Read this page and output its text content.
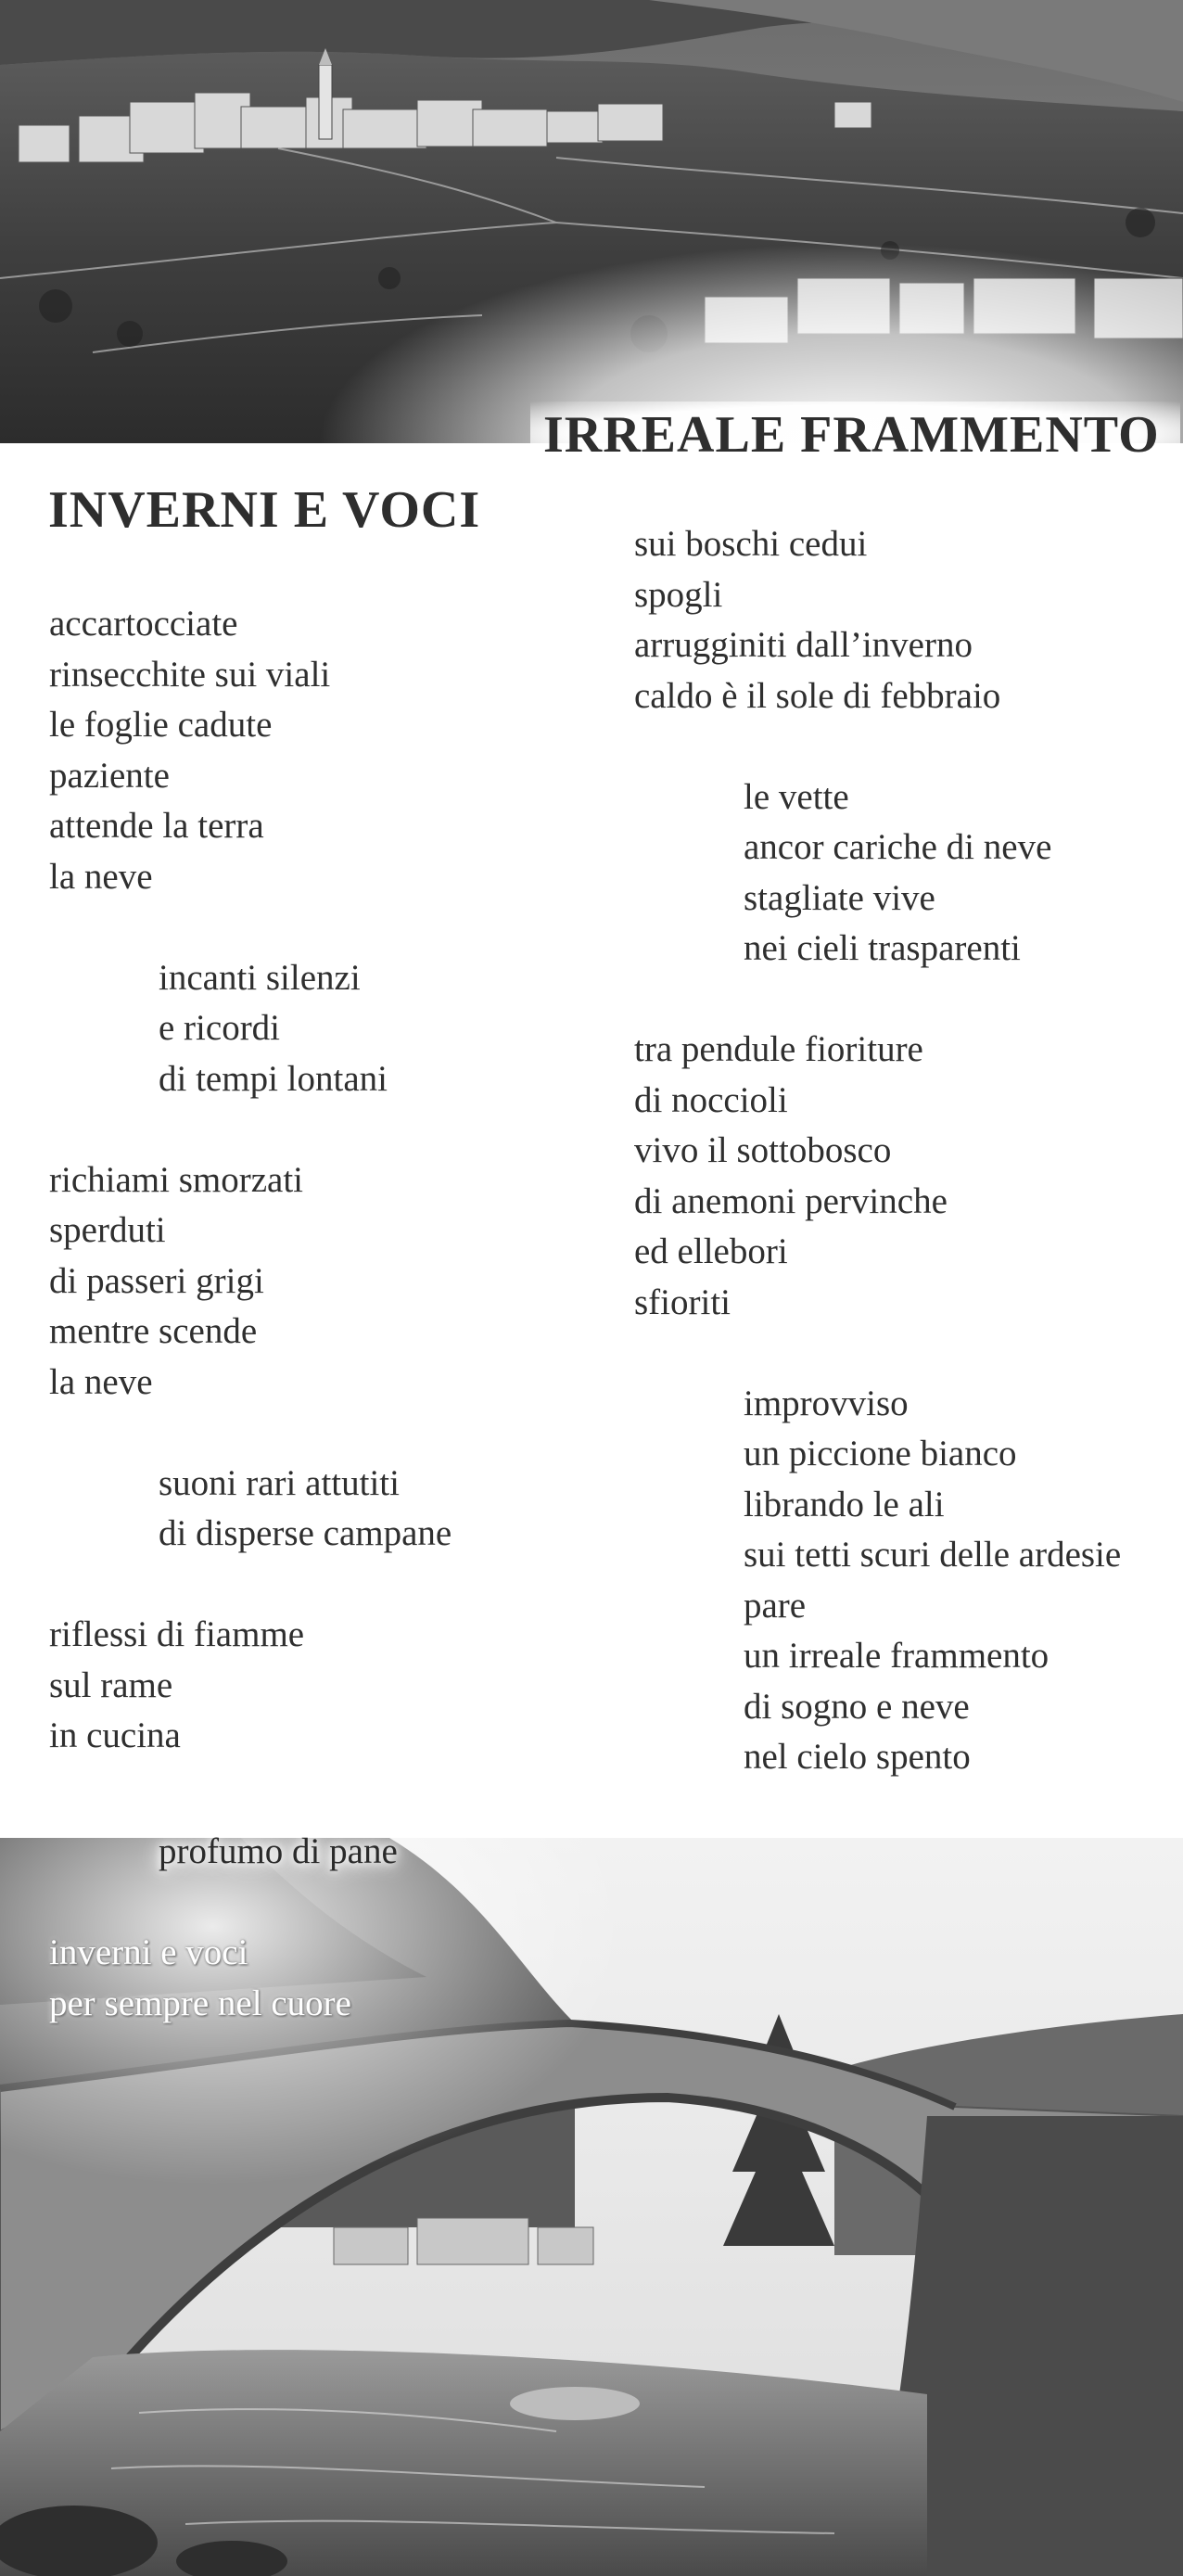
INVERNI E VOCI
IRREALE FRAMMENTO
accartocciate
rinsecchite sui viali
le foglie cadute
paziente
attende la terra
la neve
incanti silenzi
e ricordi
di tempi lontani
richiami smorzati
sperduti
di passeri grigi
mentre scende
la neve
suoni rari attutiti
di disperse campane
riflessi di fiamme
sul rame
in cucina
profumo di pane
inverni e voci
per sempre nel cuore
sui boschi cedui
spogli
arrugginiti dall’inverno
caldo è il sole di febbraio
le vette
ancor cariche di neve
stagliate vive
nei cieli trasparenti
tra pendule fioriture
di noccioli
vivo il sottobosco
di anemoni pervinche
ed ellebori
sfioriti
improvviso
un piccione bianco
librando le ali
sui tetti scuri delle ardesie
pare
un irreale frammento
di sogno e neve
nel cielo spento
